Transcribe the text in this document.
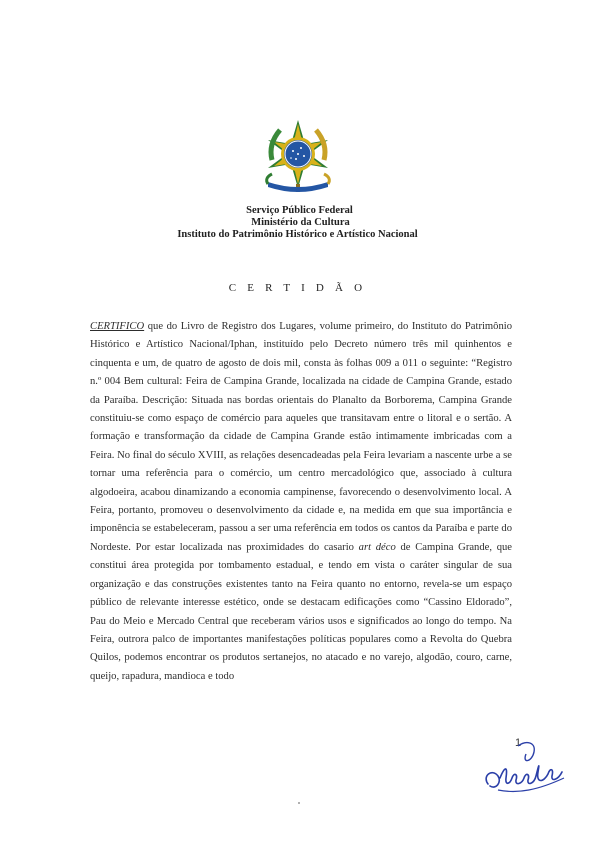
Serviço Público Federal
Ministério da Cultura
Instituto do Patrimônio Histórico e Artístico Nacional
C E R T I D Ã O

CERTIFICO que do Livro de Registro dos Lugares, volume primeiro, do Instituto do Patrimônio Histórico e Artístico Nacional/Iphan, instituído pelo Decreto número três mil quinhentos e cinquenta e um, de quatro de agosto de dois mil, consta às folhas 009 a 011 o seguinte: “Registro n.º 004 Bem cultural: Feira de Campina Grande, localizada na cidade de Campina Grande, estado da Paraíba. Descrição: Situada nas bordas orientais do Planalto da Borborema, Campina Grande constituiu-se como espaço de comércio para aqueles que transitavam entre o litoral e o sertão. A formação e transformação da cidade de Campina Grande estão intimamente imbricadas com a Feira. No final do século XVIII, as relações desencadeadas pela Feira levariam a nascente urbe a se tornar uma referência para o comércio, um centro mercadológico que, associado à cultura algodoeira, acabou dinamizando a economia campinense, favorecendo o desenvolvimento local. A Feira, portanto, promoveu o desenvolvimento da cidade e, na medida em que sua importância e imponência se estabeleceram, passou a ser uma referência em todos os cantos da Paraíba e parte do Nordeste. Por estar localizada nas proximidades do casario art déco de Campina Grande, que constitui área protegida por tombamento estadual, e tendo em vista o caráter singular de sua organização e das construções existentes tanto na Feira quanto no entorno, revela-se um espaço público de relevante interesse estético, onde se destacam edificações como “Cassino Eldorado”, Pau do Meio e Mercado Central que receberam vários usos e significados ao longo do tempo. Na Feira, outrora palco de importantes manifestações políticas populares como a Revolta do Quebra Quilos, podemos encontrar os produtos sertanejos, no atacado e no varejo, algodão, couro, carne, queijo, rapadura, mandioca e todo

1
